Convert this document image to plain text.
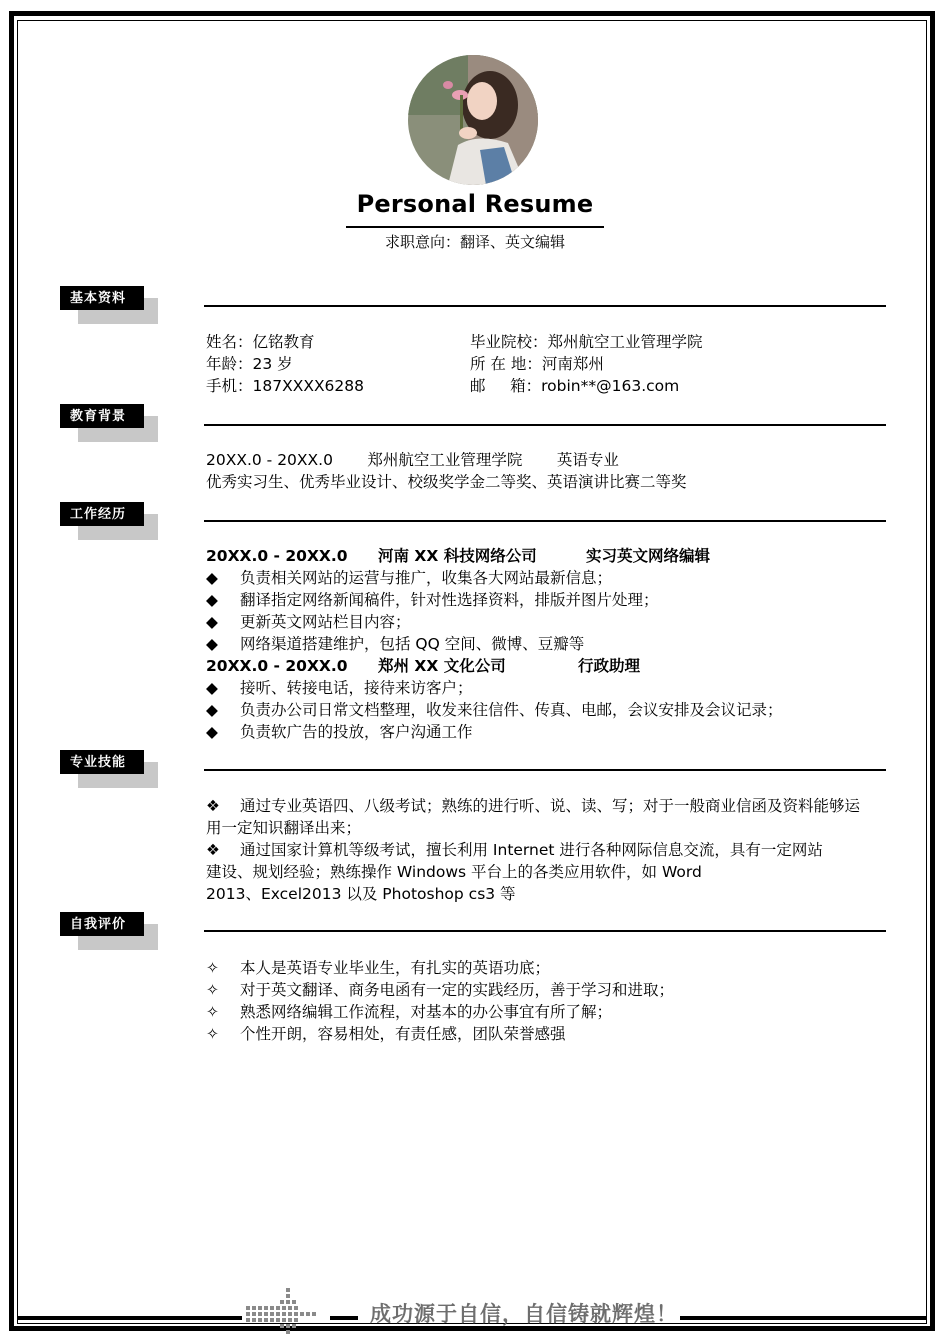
Personal Resume
求职意向：翻译、英文编辑
基本资料
姓名：亿铭教育
年龄：23 岁
手机：187XXXX6288
毕业院校：郑州航空工业管理学院
所 在 地：河南郑州
邮     箱：robin**@163.com
教育背景
20XX.0 - 20XX.0       郑州航空工业管理学院       英语专业
优秀实习生、优秀毕业设计、校级奖学金二等奖、英语演讲比赛二等奖
工作经历
20XX.0 - 20XX.0 河南 XX 科技网络公司	实习英文网络编辑
◆ 负责相关网站的运营与推广，收集各大网站最新信息；
◆ 翻译指定网络新闻稿件，针对性选择资料，排版并图片处理；
◆ 更新英文网站栏目内容；
◆ 网络渠道搭建维护，包括 QQ 空间、微博、豆瓣等
20XX.0 - 20XX.0 郑州 XX 文化公司	行政助理
◆ 接听、转接电话，接待来访客户；
◆ 负责办公司日常文档整理，收发来往信件、传真、电邮，会议安排及会议记录；
◆ 负责软广告的投放，客户沟通工作
专业技能
❖ 通过专业英语四、八级考试；熟练的进行听、说、读、写；对于一般商业信函及资料能够运
用一定知识翻译出来；
❖ 通过国家计算机等级考试，擅长利用 Internet 进行各种网际信息交流，具有一定网站
建设、规划经验；熟练操作 Windows 平台上的各类应用软件，如 Word
2013、Excel2013 以及 Photoshop cs3 等
自我评价
✧ 本人是英语专业毕业生，有扎实的英语功底；
✧ 对于英文翻译、商务电函有一定的实践经历，善于学习和进取；
✧ 熟悉网络编辑工作流程，对基本的办公事宜有所了解；
✧ 个性开朗，容易相处，有责任感，团队荣誉感强
成功源于自信，自信铸就辉煌！
